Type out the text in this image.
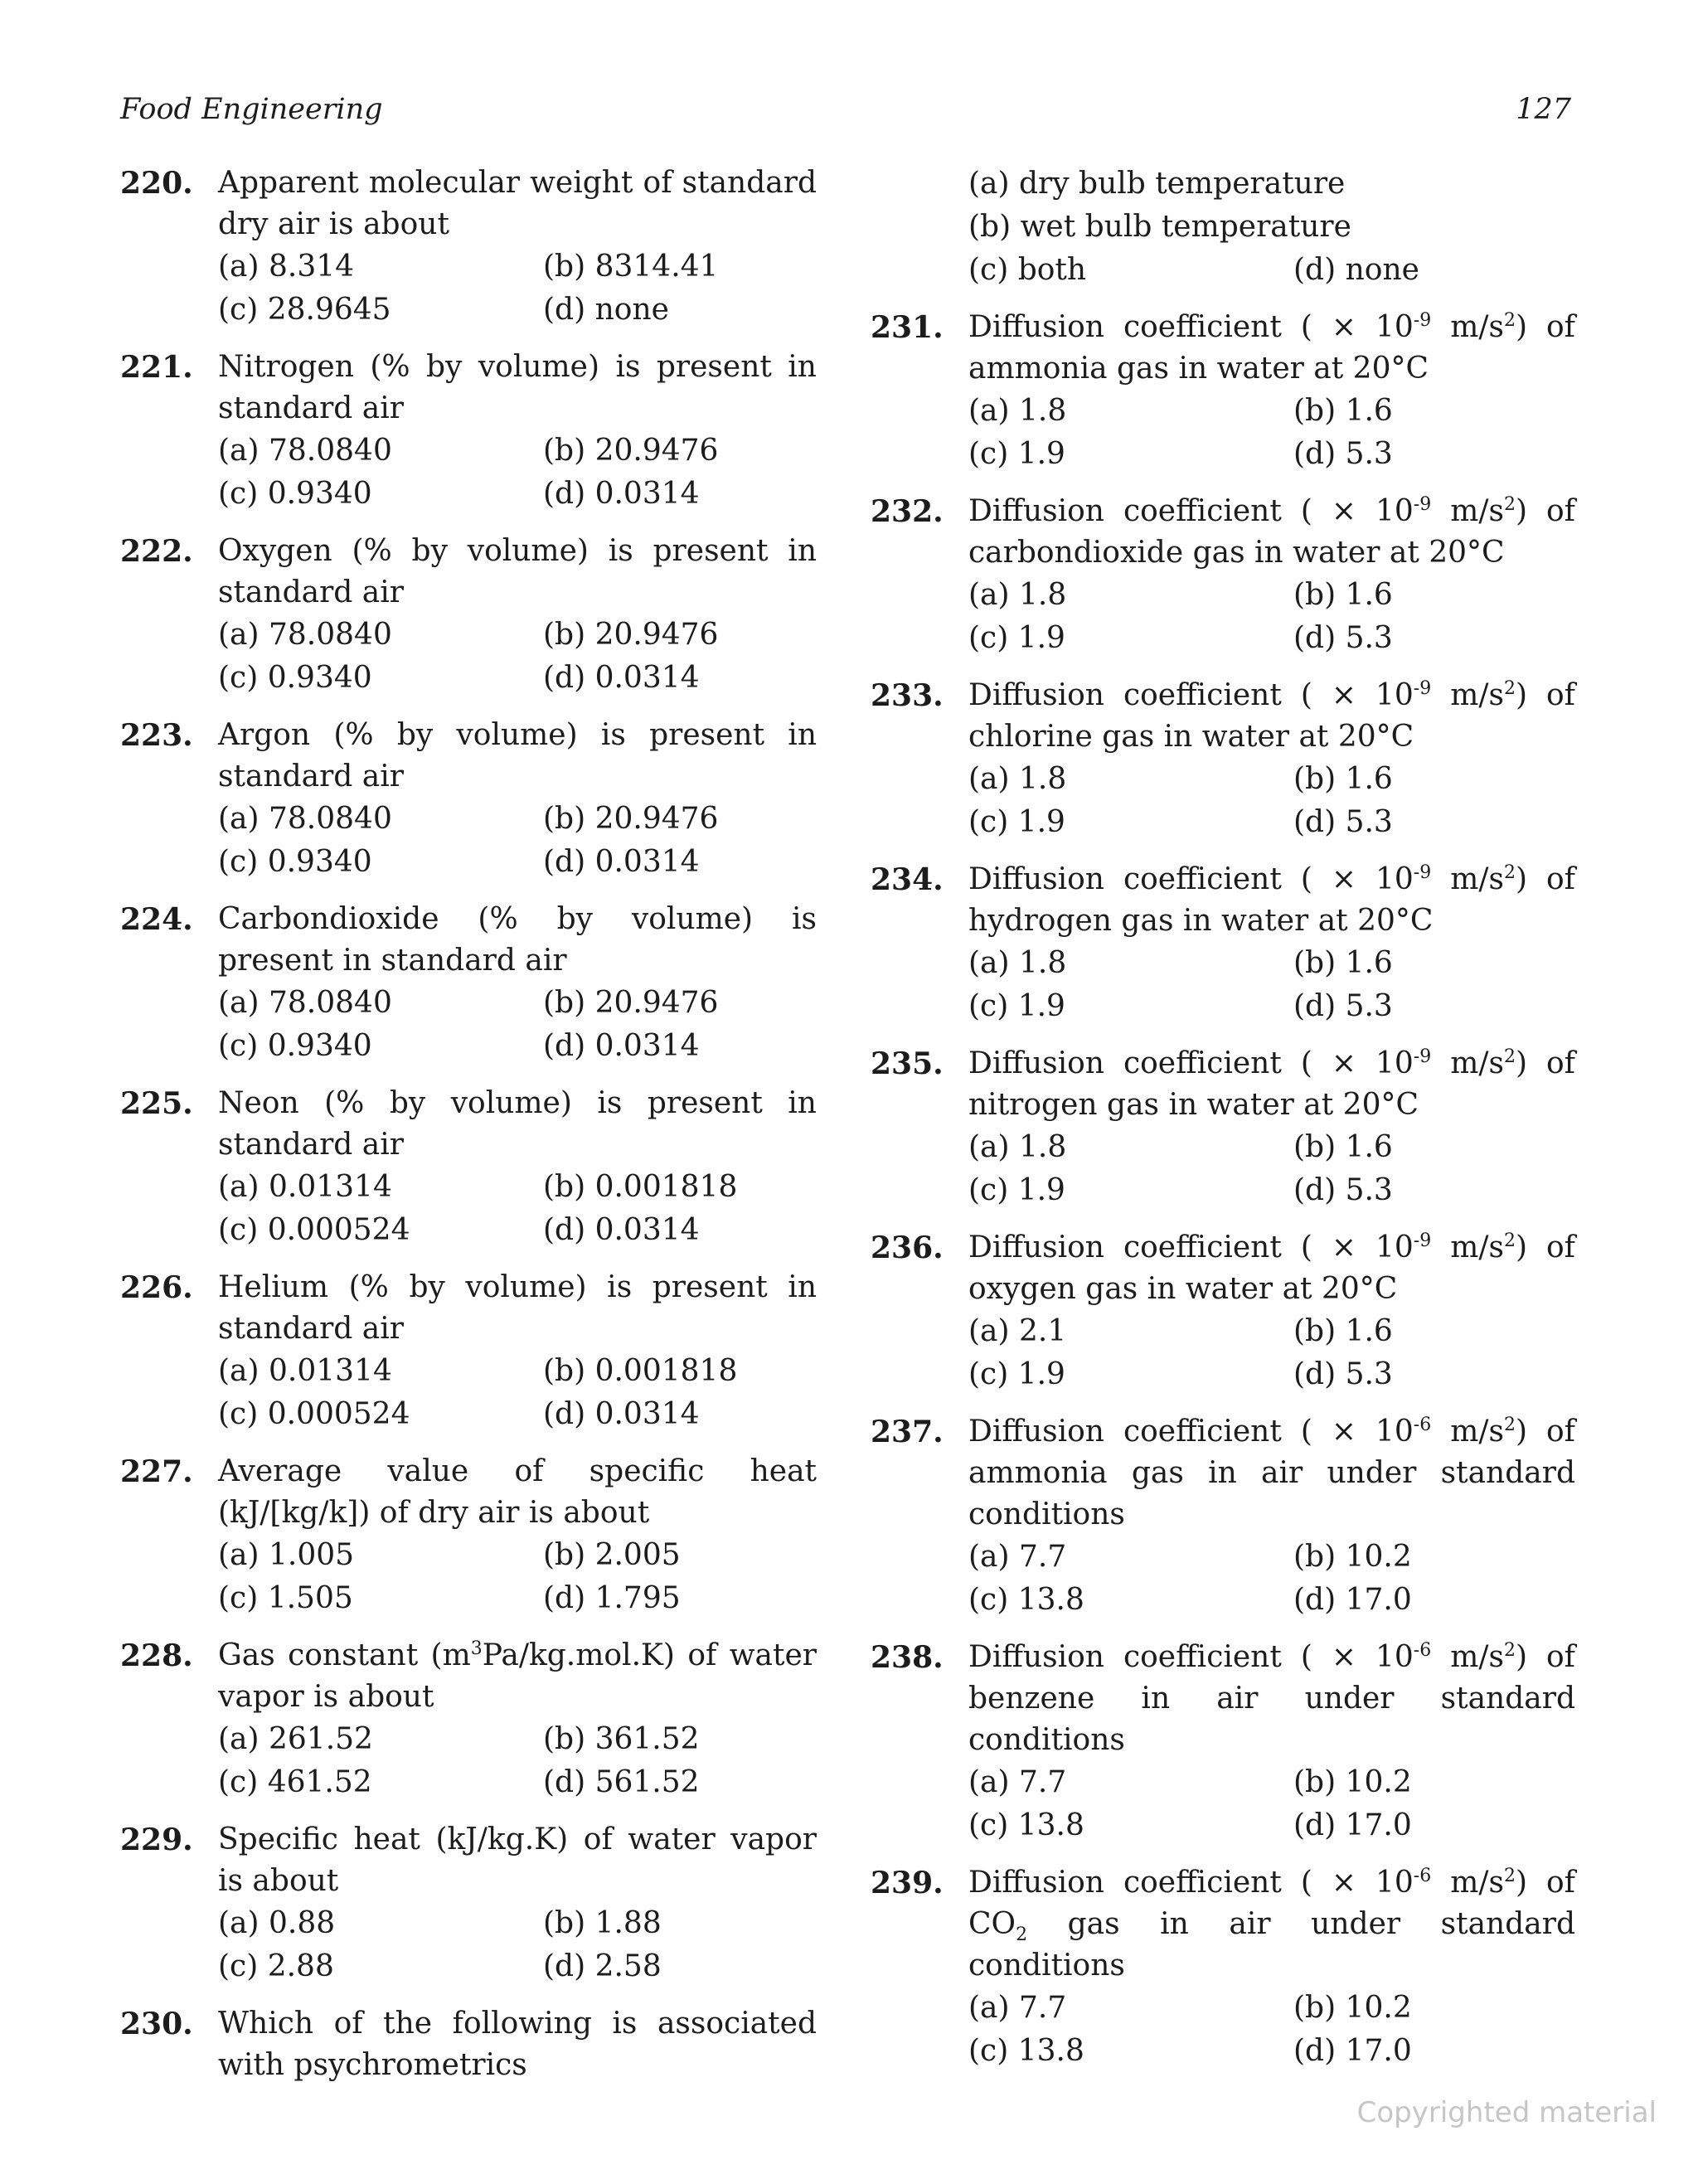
Food Engineering	127
220. Apparent molecular weight of standard dry air is about
(a) 8.314	(b) 8314.41
(c) 28.9645	(d) none
221. Nitrogen (% by volume) is present in standard air
(a) 78.0840	(b) 20.9476
(c) 0.9340	(d) 0.0314
222. Oxygen (% by volume) is present in standard air
(a) 78.0840	(b) 20.9476
(c) 0.9340	(d) 0.0314
223. Argon (% by volume) is present in standard air
(a) 78.0840	(b) 20.9476
(c) 0.9340	(d) 0.0314
224. Carbondioxide (% by volume) is present in standard air
(a) 78.0840	(b) 20.9476
(c) 0.9340	(d) 0.0314
225. Neon (% by volume) is present in standard air
(a) 0.01314	(b) 0.001818
(c) 0.000524	(d) 0.0314
226. Helium (% by volume) is present in standard air
(a) 0.01314	(b) 0.001818
(c) 0.000524	(d) 0.0314
227. Average value of specific heat (kJ/[kg/k]) of dry air is about
(a) 1.005	(b) 2.005
(c) 1.505	(d) 1.795
228. Gas constant $(m^3Pa/kg.mol.K)$ of water vapor is about
(a) 261.52	(b) 361.52
(c) 461.52	(d) 561.52
229. Specific heat (kJ/kg.K) of water vapor is about
(a) 0.88	(b) 1.88
(c) 2.88	(d) 2.58
230. Which of the following is associated with psychrometrics
(a) dry bulb temperature
(b) wet bulb temperature
(c) both	(d) none
231. Diffusion coefficient ( × $10^{-9}$ $m/s^2$) of ammonia gas in water at 20°C
(a) 1.8	(b) 1.6
(c) 1.9	(d) 5.3
232. Diffusion coefficient ( × $10^{-9}$ $m/s^2$) of carbondioxide gas in water at 20°C
(a) 1.8	(b) 1.6
(c) 1.9	(d) 5.3
233. Diffusion coefficient ( × $10^{-9}$ $m/s^2$) of chlorine gas in water at 20°C
(a) 1.8	(b) 1.6
(c) 1.9	(d) 5.3
234. Diffusion coefficient ( × $10^{-9}$ $m/s^2$) of hydrogen gas in water at 20°C
(a) 1.8	(b) 1.6
(c) 1.9	(d) 5.3
235. Diffusion coefficient ( × $10^{-9}$ $m/s^2$) of nitrogen gas in water at 20°C
(a) 1.8	(b) 1.6
(c) 1.9	(d) 5.3
236. Diffusion coefficient ( × $10^{-9}$ $m/s^2$) of oxygen gas in water at 20°C
(a) 2.1	(b) 1.6
(c) 1.9	(d) 5.3
237. Diffusion coefficient ( × $10^{-6}$ $m/s^2$) of ammonia gas in air under standard conditions
(a) 7.7	(b) 10.2
(c) 13.8	(d) 17.0
238. Diffusion coefficient ( × $10^{-6}$ $m/s^2$) of benzene in air under standard conditions
(a) 7.7	(b) 10.2
(c) 13.8	(d) 17.0
239. Diffusion coefficient ( × $10^{-6}$ $m/s^2$) of $CO_2$ gas in air under standard conditions
(a) 7.7	(b) 10.2
(c) 13.8	(d) 17.0
Copyrighted material
